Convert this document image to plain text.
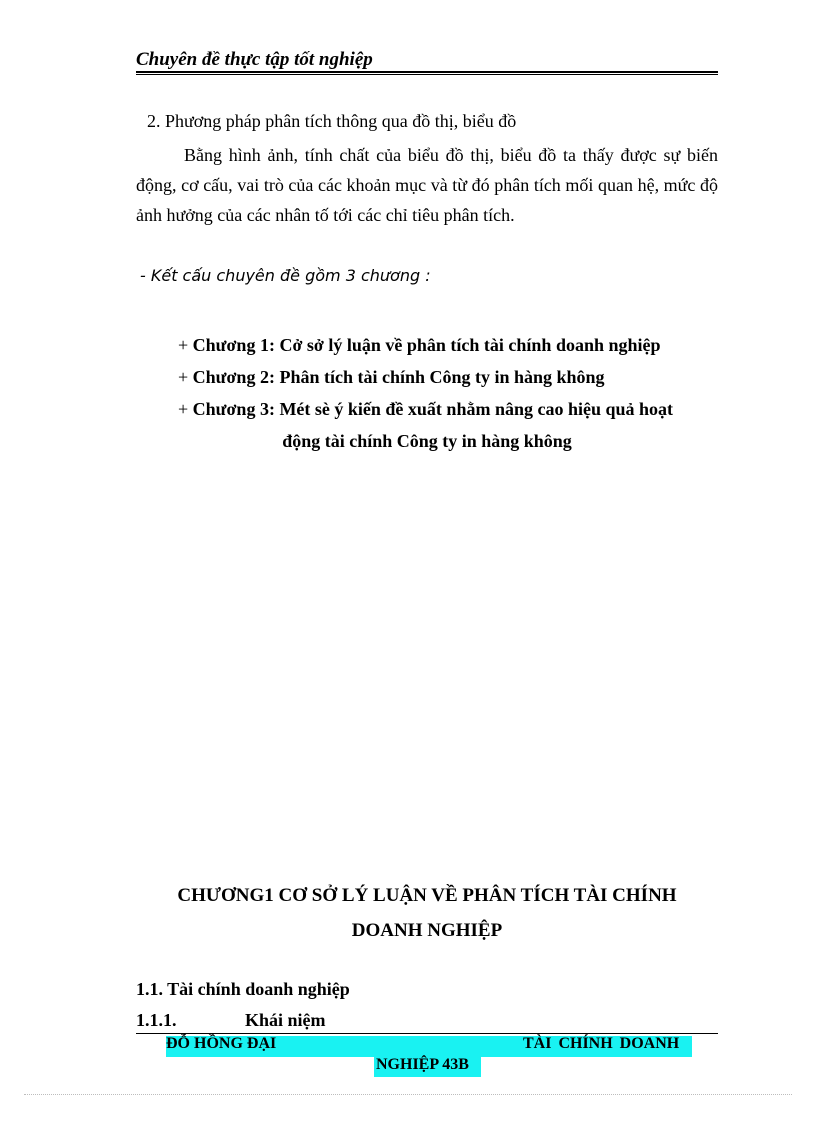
Chuyên đề thực tập tốt nghiệp
2. Phương pháp phân tích thông qua đồ thị, biểu đồ
Bằng hình ảnh, tính chất của biểu đồ thị, biểu đồ ta thấy được sự biến động, cơ cấu, vai trò của các khoản mục và từ đó phân tích mối quan hệ, mức độ ảnh hưởng của các nhân tố tới các chỉ tiêu phân tích.
- Kết cấu chuyên đề gồm 3 chương :
+ Chương 1: Cở sở lý luận về phân tích tài chính doanh nghiệp
+ Chương 2: Phân tích tài chính Công ty in hàng không
+ Chương 3: Mét sè ý kiến đề xuất nhằm nâng cao hiệu quả hoạt
động tài chính Công ty in hàng không
CHƯƠNG1 CƠ SỞ LÝ LUẬN VỀ PHÂN TÍCH TÀI CHÍNH
DOANH NGHIỆP
1.1. Tài chính doanh nghiệp
1.1.1.	Khái niệm
ĐỖ HỒNG ĐẠI	TÀI CHÍNH DOANH
NGHIỆP 43B
